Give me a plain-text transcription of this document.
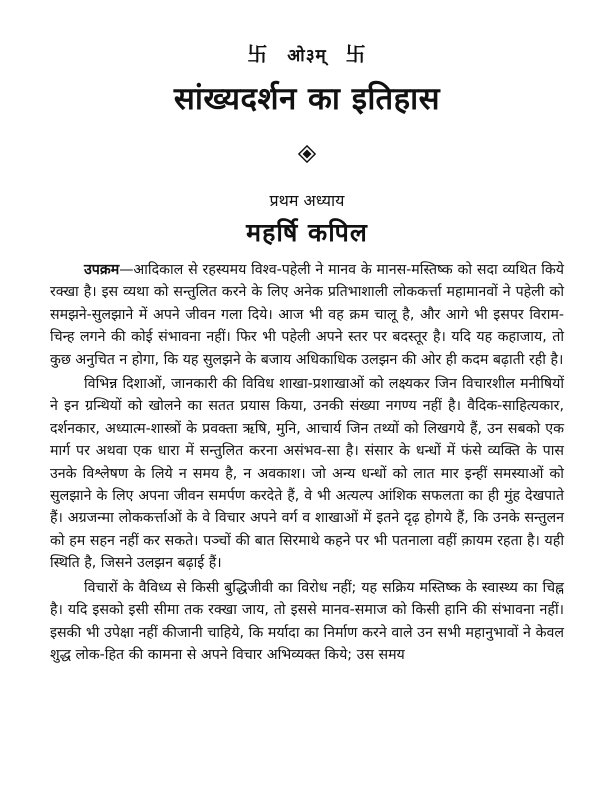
卐 ओ३म् 卐
सांख्यदर्शन का इतिहास
प्रथम अध्याय
महर्षि कपिल

उपक्रम—आदिकाल से रहस्यमय विश्व-पहेली ने मानव के मानस-मस्तिष्क को सदा व्यथित किये रक्खा है। इस व्यथा को सन्तुलित करने के लिए अनेक प्रतिभाशाली लोककर्त्ता महामानवों ने पहेली को समझने-सुलझाने में अपने जीवन गला दिये। आज भी वह क्रम चालू है, और आगे भी इसपर विराम-चिन्ह लगने की कोई संभावना नहीं। फिर भी पहेली अपने स्तर पर बदस्तूर है। यदि यह कहाजाय, तो कुछ अनुचित न होगा, कि यह सुलझने के बजाय अधिकाधिक उलझन की ओर ही कदम बढ़ाती रही है।

विभिन्न दिशाओं, जानकारी की विविध शाखा-प्रशाखाओं को लक्ष्यकर जिन विचारशील मनीषियों ने इन ग्रन्थियों को खोलने का सतत प्रयास किया, उनकी संख्या नगण्य नहीं है। वैदिक-साहित्यकार, दर्शनकार, अध्यात्म-शास्त्रों के प्रवक्ता ऋषि, मुनि, आचार्य जिन तथ्यों को लिखगये हैं, उन सबको एक मार्ग पर अथवा एक धारा में सन्तुलित करना असंभव-सा है। संसार के धन्धों में फंसे व्यक्ति के पास उनके विश्लेषण के लिये न समय है, न अवकाश। जो अन्य धन्धों को लात मार इन्हीं समस्याओं को सुलझाने के लिए अपना जीवन समर्पण करदेते हैं, वे भी अत्यल्प आंशिक सफलता का ही मुंह देखपाते हैं। अग्रजन्मा लोककर्त्ताओं के वे विचार अपने वर्ग व शाखाओं में इतने दृढ़ होगये हैं, कि उनके सन्तुलन को हम सहन नहीं कर सकते। पञ्चों की बात सिरमाथे कहने पर भी पतनाला वहीं क़ायम रहता है। यही स्थिति है, जिसने उलझन बढ़ाई हैं।

विचारों के वैविध्य से किसी बुद्धिजीवी का विरोध नहीं; यह सक्रिय मस्तिष्क के स्वास्थ्य का चिह्न है। यदि इसको इसी सीमा तक रक्खा जाय, तो इससे मानव-समाज को किसी हानि की संभावना नहीं। इसकी भी उपेक्षा नहीं कीजानी चाहिये, कि मर्यादा का निर्माण करने वाले उन सभी महानुभावों ने केवल शुद्ध लोक-हित की कामना से अपने विचार अभिव्यक्त किये; उस समय
